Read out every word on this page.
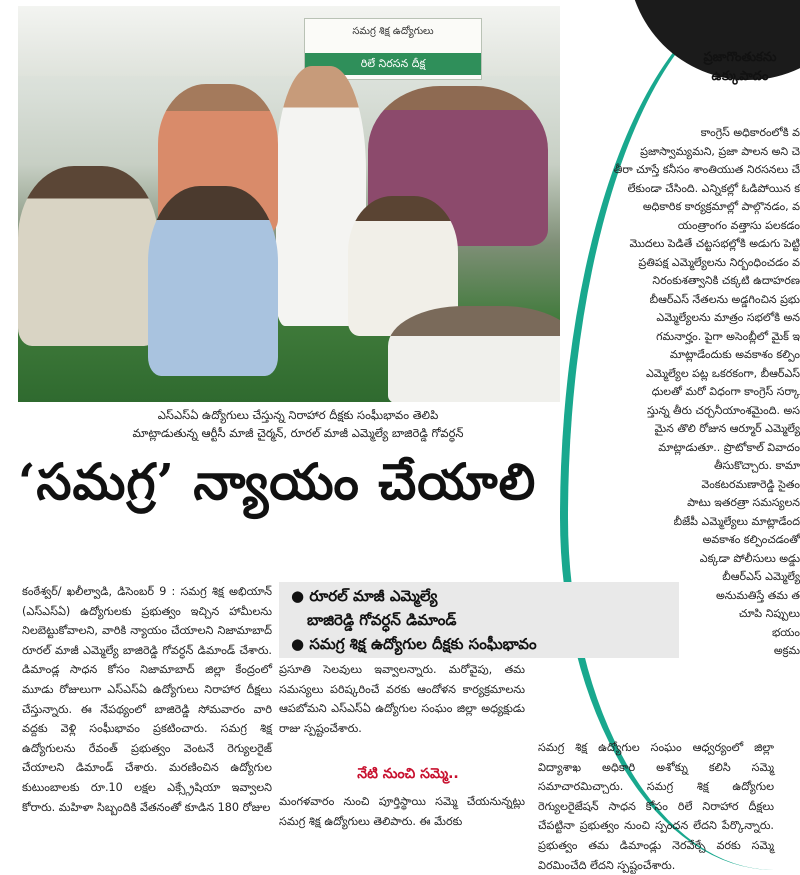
ప్రజాగొంతుకను
ఉక్కుపాదం
కాంగ్రెస్ అధికారంలోకి వ
ప్రజాస్వామ్యమని, ప్రజా పాలన అని చె
తీరా చూస్తే కనీసం శాంతియుత నిరసనలు చే
లేకుండా చేసింది. ఎన్నికల్లో ఓడిపోయిన క
అధికారిక కార్యక్రమాల్లో పాల్గొనడం, వ
యంత్రాంగం వత్తాసు పలకడం
మొదలు పెడితే చట్టసభల్లోకి అడుగు పెట్టి
ప్రతిపక్ష ఎమ్మెల్యేలను నిర్బంధించడం వ
నిరంకుశత్వానికి చక్కటి ఉదాహరణ
బీఆర్ఎస్ నేతలను అడ్డగించిన ప్రభు
ఎమ్మెల్యేలను మాత్రం సభలోకి అన
గమనార్హం. పైగా అసెంబ్లీలో మైక్ ఇ
మాట్లాడేందుకు అవకాశం కల్పిం
ఎమ్మెల్యేల పట్ల ఒకరకంగా, బీఆర్ఎస్
ధులతో మరో విధంగా కాంగ్రెస్ సర్కా
స్తున్న తీరు చర్చనీయాంశమైంది. అస
మైన తొలి రోజున ఆర్మూర్ ఎమ్మెల్యే
మాట్లాడుతూ.. ప్రొటోకాల్ వివాదం
తీసుకొచ్చారు. కామా
వెంకటరమణారెడ్డి సైతం
పాటు ఇతరత్రా సమస్యలన
బీజేపీ ఎమ్మెల్యేలు మాట్లాడేంద
అవకాశం కల్పించడంతో
ఎక్కడా పోలీసులు అడ్డు
బీఆర్ఎస్ ఎమ్మెల్యే
అనుమతిస్తే తమ త
చూపి నిప్పులు
భయం
అక్రమ
సమగ్ర శిక్ష ఉద్యోగులు
రిలే నిరసన దీక్ష
ఎస్ఎస్ఏ ఉద్యోగులు చేస్తున్న నిరాహార దీక్షకు సంఘీభావం తెలిపి
మాట్లాడుతున్న ఆర్టీసీ మాజీ చైర్మన్, రూరల్ మాజీ ఎమ్మెల్యే బాజిరెడ్డి గోవర్ధన్
‘సమగ్ర’ న్యాయం చేయాలి
కంఠేశ్వర్/ ఖలీల్వాడి, డిసెంబర్ 9 : సమగ్ర శిక్ష అభియాన్ (ఎస్ఎస్ఏ) ఉద్యోగులకు ప్రభుత్వం ఇచ్చిన హామీలను నిలబెట్టుకోవాలని, వారికి న్యాయం చేయాలని నిజామాబాద్ రూరల్ మాజీ ఎమ్మెల్యే బాజిరెడ్డి గోవర్ధన్ డిమాండ్ చేశారు. డిమాండ్ల సాధన కోసం నిజామాబాద్ జిల్లా కేంద్రంలో మూడు రోజులుగా ఎస్ఎస్ఏ ఉద్యోగులు నిరాహార దీక్షలు చేస్తున్నారు. ఈ నేపథ్యంలో బాజిరెడ్డి సోమవారం వారి వద్దకు వెళ్లి సంఘీభావం ప్రకటించారు. సమగ్ర శిక్ష ఉద్యోగులను రేవంత్ ప్రభుత్వం వెంటనే రెగ్యులరైజ్ చేయాలని డిమాండ్ చేశారు. మరణించిన ఉద్యోగుల కుటుంబాలకు రూ.10 లక్షల ఎక్స్గ్రేషియా ఇవ్వాలని కోరారు. మహిళా సిబ్బందికి వేతనంతో కూడిన 180 రోజుల
● రూరల్ మాజీ ఎమ్మెల్యే
బాజిరెడ్డి గోవర్ధన్ డిమాండ్
● సమగ్ర శిక్ష ఉద్యోగుల దీక్షకు సంఘీభావం
ప్రసూతి సెలవులు ఇవ్వాలన్నారు. మరోవైపు, తమ సమస్యలు పరిష్కరించే వరకు ఆందోళన కార్యక్రమాలను ఆపబోమని ఎస్ఎస్ఏ ఉద్యోగుల సంఘం జిల్లా అధ్యక్షుడు రాజు స్పష్టంచేశారు.
నేటి నుంచి సమ్మె..
మంగళవారం నుంచి పూర్తిస్థాయి సమ్మె చేయనున్నట్లు సమగ్ర శిక్ష ఉద్యోగులు తెలిపారు. ఈ మేరకు
సమగ్ర శిక్ష ఉద్యోగుల సంఘం ఆధ్వర్యంలో జిల్లా విద్యాశాఖ అధికారి అశోక్ను కలిసి సమ్మె సమాచారమిచ్చారు. సమగ్ర శిక్ష ఉద్యోగుల రెగ్యులరైజేషన్ సాధన కోసం రిలే నిరాహార దీక్షలు చేపట్టినా ప్రభుత్వం నుంచి స్పందన లేదని పేర్కొన్నారు. ప్రభుత్వం తమ డిమాండ్లు నెరవేర్చే వరకు సమ్మె విరమించేది లేదని స్పష్టంచేశారు.
